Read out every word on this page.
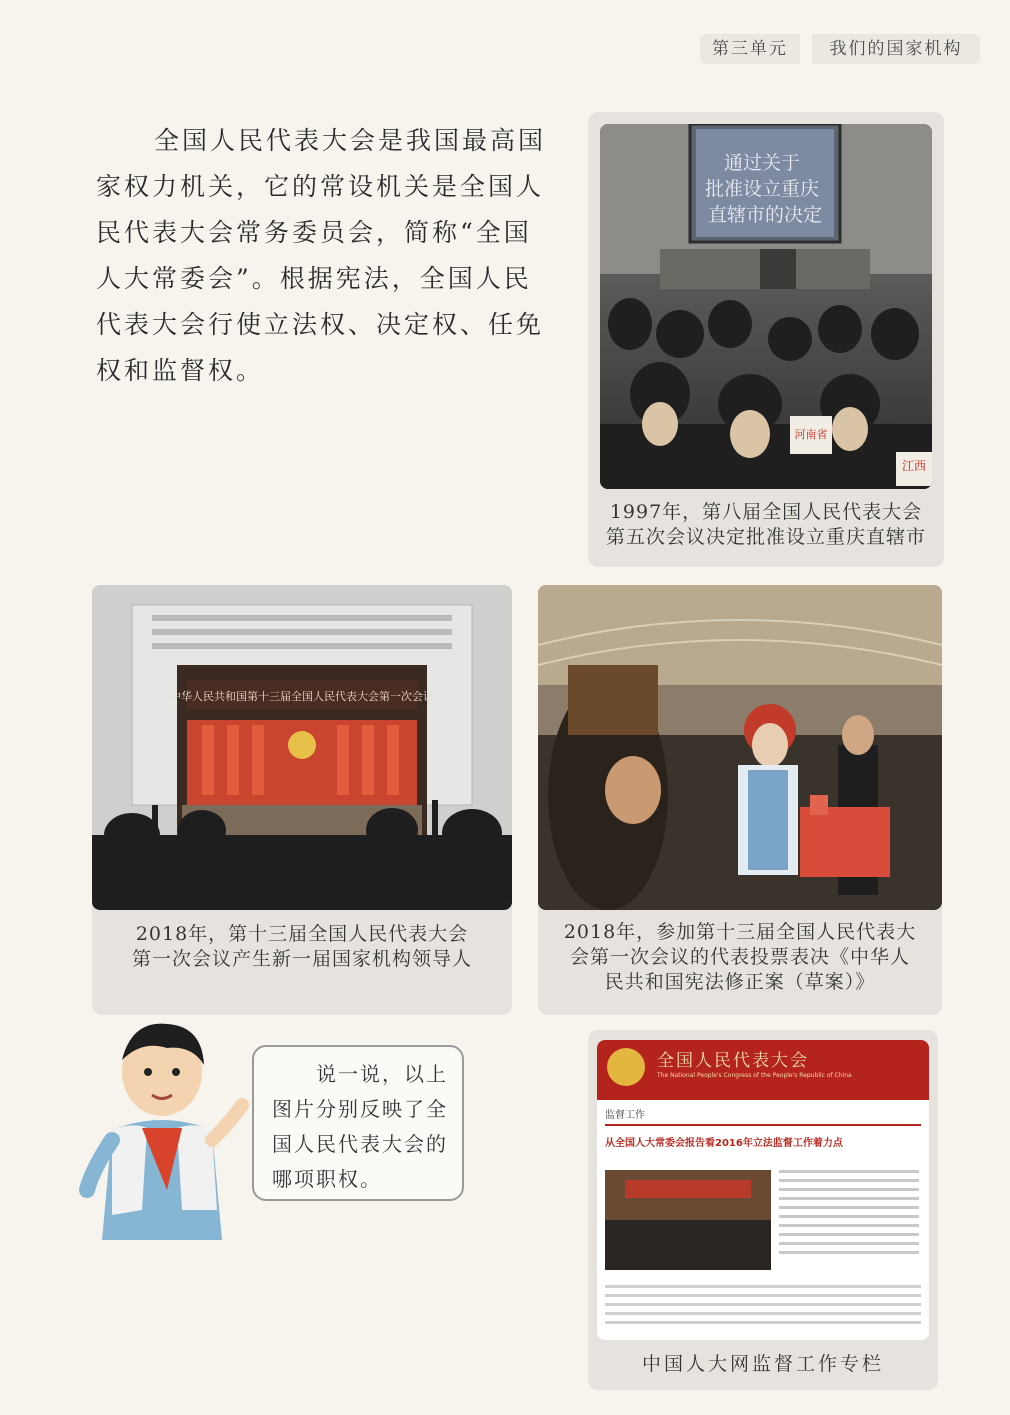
第三单元	我们的国家机构

全国人民代表大会是我国最高国家权力机关，它的常设机关是全国人民代表大会常务委员会，简称“全国人大常委会”。根据宪法，全国人民代表大会行使立法权、决定权、任免权和监督权。

通过关于 批准设立重庆 直辖市的决定
河南省
江西
1997年，第八届全国人民代表大会
第五次会议决定批准设立重庆直辖市
中华人民共和国第十三届全国人民代表大会第一次会议
2018年，第十三届全国人民代表大会
第一次会议产生新一届国家机构领导人
2018年，参加第十三届全国人民代表大
会第一次会议的代表投票表决《中华人
民共和国宪法修正案（草案）》

说一说，以上图片分别反映了全国人民代表大会的哪项职权。

全国人民代表大会
The National People's Congress of the People's Republic of China
监督工作
从全国人大常委会报告看2016年立法监督工作着力点
中国人大网监督工作专栏
